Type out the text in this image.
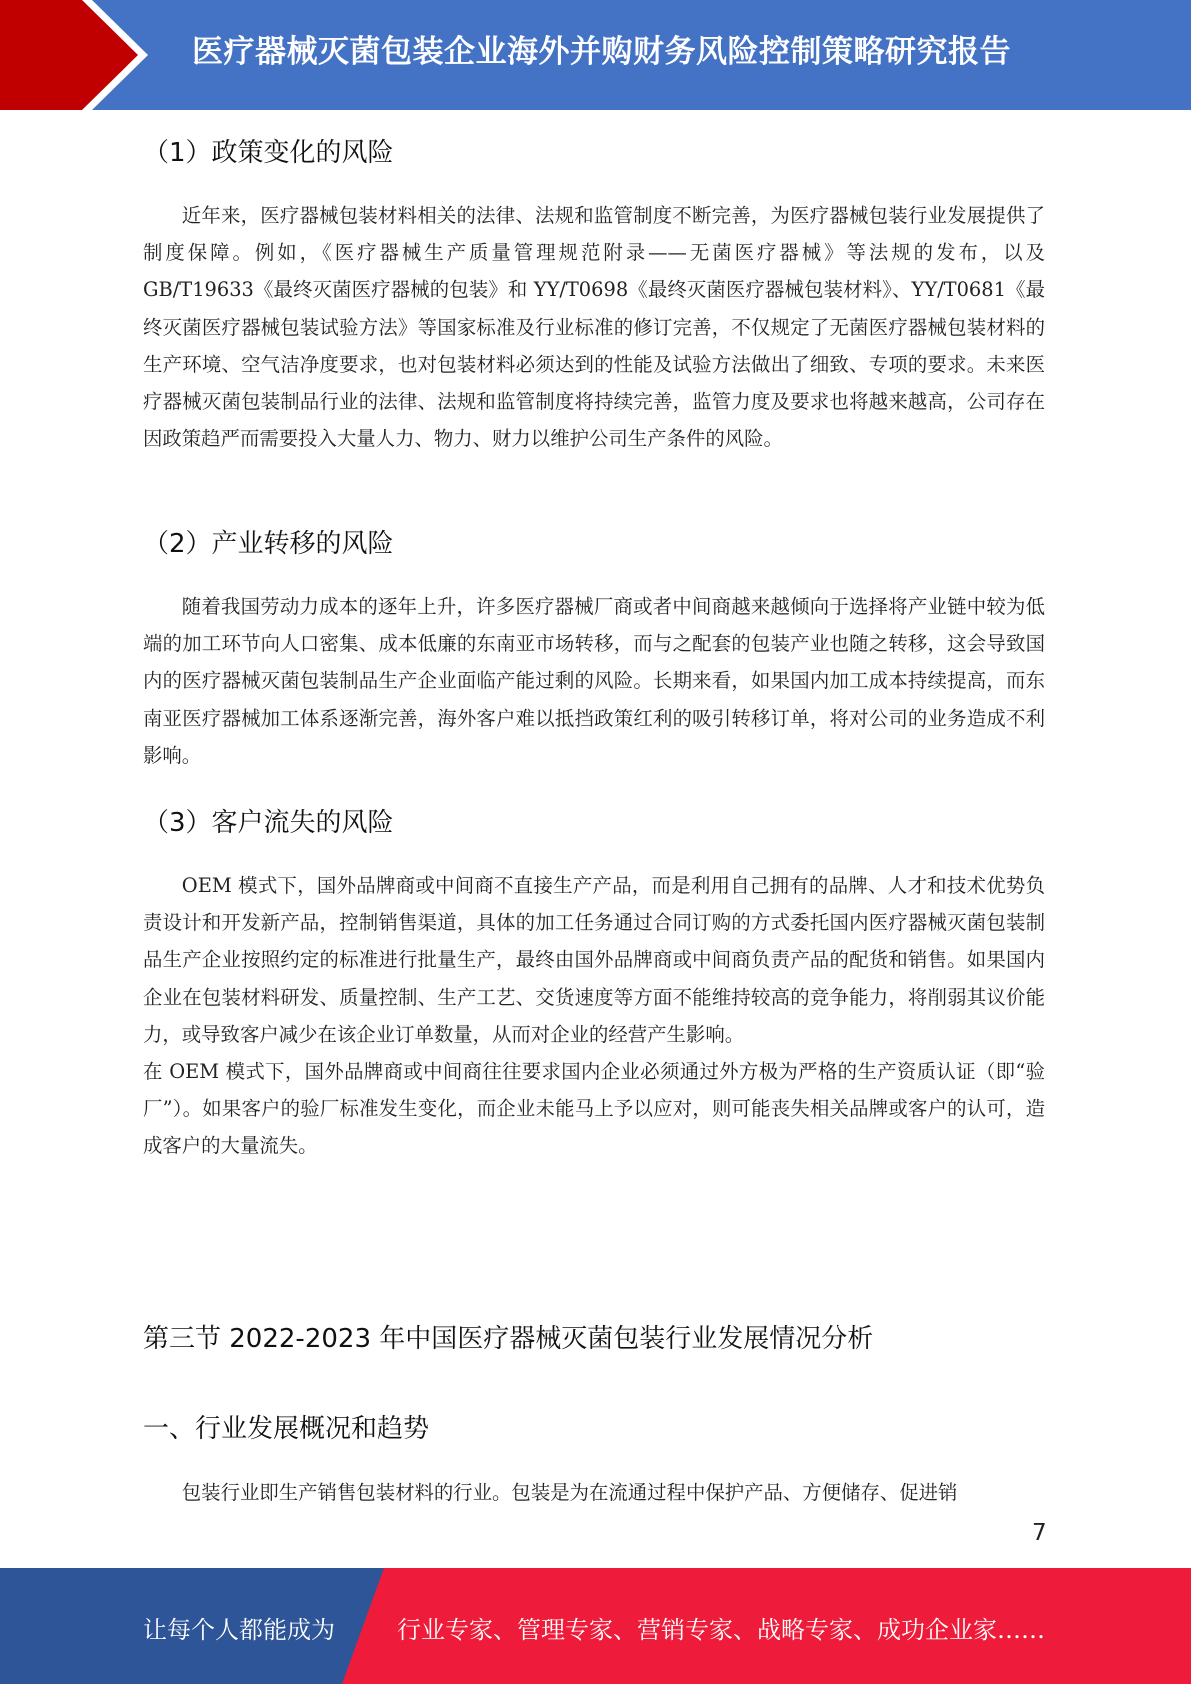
医疗器械灭菌包装企业海外并购财务风险控制策略研究报告
（1）政策变化的风险

近年来，医疗器械包装材料相关的法律、法规和监管制度不断完善，为医疗器械包装行业发展提供了制度保障。例如，《医疗器械生产质量管理规范附录——无菌医疗器械》等法规的发布，以及 GB/T19633《最终灭菌医疗器械的包装》和 YY/T0698《最终灭菌医疗器械包装材料》、YY/T0681《最终灭菌医疗器械包装试验方法》等国家标准及行业标准的修订完善，不仅规定了无菌医疗器械包装材料的生产环境、空气洁净度要求，也对包装材料必须达到的性能及试验方法做出了细致、专项的要求。未来医疗器械灭菌包装制品行业的法律、法规和监管制度将持续完善，监管力度及要求也将越来越高，公司存在因政策趋严而需要投入大量人力、物力、财力以维护公司生产条件的风险。

（2）产业转移的风险

随着我国劳动力成本的逐年上升，许多医疗器械厂商或者中间商越来越倾向于选择将产业链中较为低端的加工环节向人口密集、成本低廉的东南亚市场转移，而与之配套的包装产业也随之转移，这会导致国内的医疗器械灭菌包装制品生产企业面临产能过剩的风险。长期来看，如果国内加工成本持续提高，而东南亚医疗器械加工体系逐渐完善，海外客户难以抵挡政策红利的吸引转移订单，将对公司的业务造成不利影响。

（3）客户流失的风险

OEM 模式下，国外品牌商或中间商不直接生产产品，而是利用自己拥有的品牌、人才和技术优势负责设计和开发新产品，控制销售渠道，具体的加工任务通过合同订购的方式委托国内医疗器械灭菌包装制品生产企业按照约定的标准进行批量生产，最终由国外品牌商或中间商负责产品的配货和销售。如果国内企业在包装材料研发、质量控制、生产工艺、交货速度等方面不能维持较高的竞争能力，将削弱其议价能力，或导致客户减少在该企业订单数量，从而对企业的经营产生影响。

在 OEM 模式下，国外品牌商或中间商往往要求国内企业必须通过外方极为严格的生产资质认证（即“验厂”）。如果客户的验厂标准发生变化，而企业未能马上予以应对，则可能丧失相关品牌或客户的认可，造成客户的大量流失。

第三节 2022-2023 年中国医疗器械灭菌包装行业发展情况分析
一、行业发展概况和趋势

包装行业即生产销售包装材料的行业。包装是为在流通过程中保护产品、方便储存、促进销

7
让每个人都能成为	行业专家、管理专家、营销专家、战略专家、成功企业家……
